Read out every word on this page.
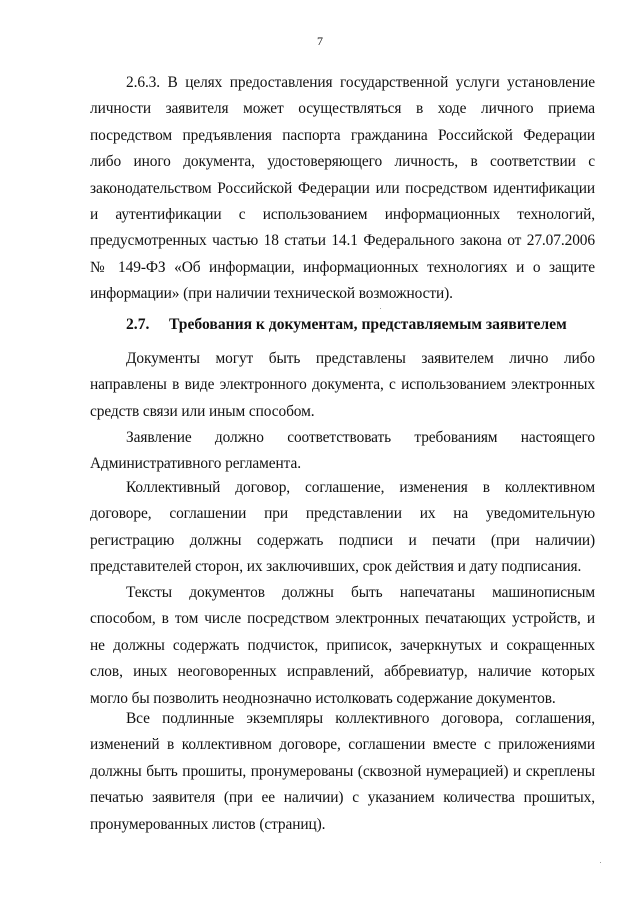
7

2.6.3. В целях предоставления государственной услуги установление личности заявителя может осуществляться в ходе личного приема посредством предъявления паспорта гражданина Российской Федерации либо иного документа, удостоверяющего личность, в соответствии с законодательством Российской Федерации или посредством идентификации и аутентификации с использованием информационных технологий, предусмотренных частью 18 статьи 14.1 Федерального закона от 27.07.2006 № 149-ФЗ «Об информации, информационных технологиях и о защите информации» (при наличии технической возможности).

2.7. Требования к документам, представляемым заявителем

Документы могут быть представлены заявителем лично либо направлены в виде электронного документа, с использованием электронных средств связи или иным способом.

Заявление должно соответствовать требованиям настоящего Административного регламента.

Коллективный договор, соглашение, изменения в коллективном договоре, соглашении при представлении их на уведомительную регистрацию должны содержать подписи и печати (при наличии) представителей сторон, их заключивших, срок действия и дату подписания.

Тексты документов должны быть напечатаны машинописным способом, в том числе посредством электронных печатающих устройств, и не должны содержать подчисток, приписок, зачеркнутых и сокращенных слов, иных неоговоренных исправлений, аббревиатур, наличие которых могло бы позволить неоднозначно истолковать содержание документов.

Все подлинные экземпляры коллективного договора, соглашения, изменений в коллективном договоре, соглашении вместе с приложениями должны быть прошиты, пронумерованы (сквозной нумерацией) и скреплены печатью заявителя (при ее наличии) с указанием количества прошитых, пронумерованных листов (страниц).
